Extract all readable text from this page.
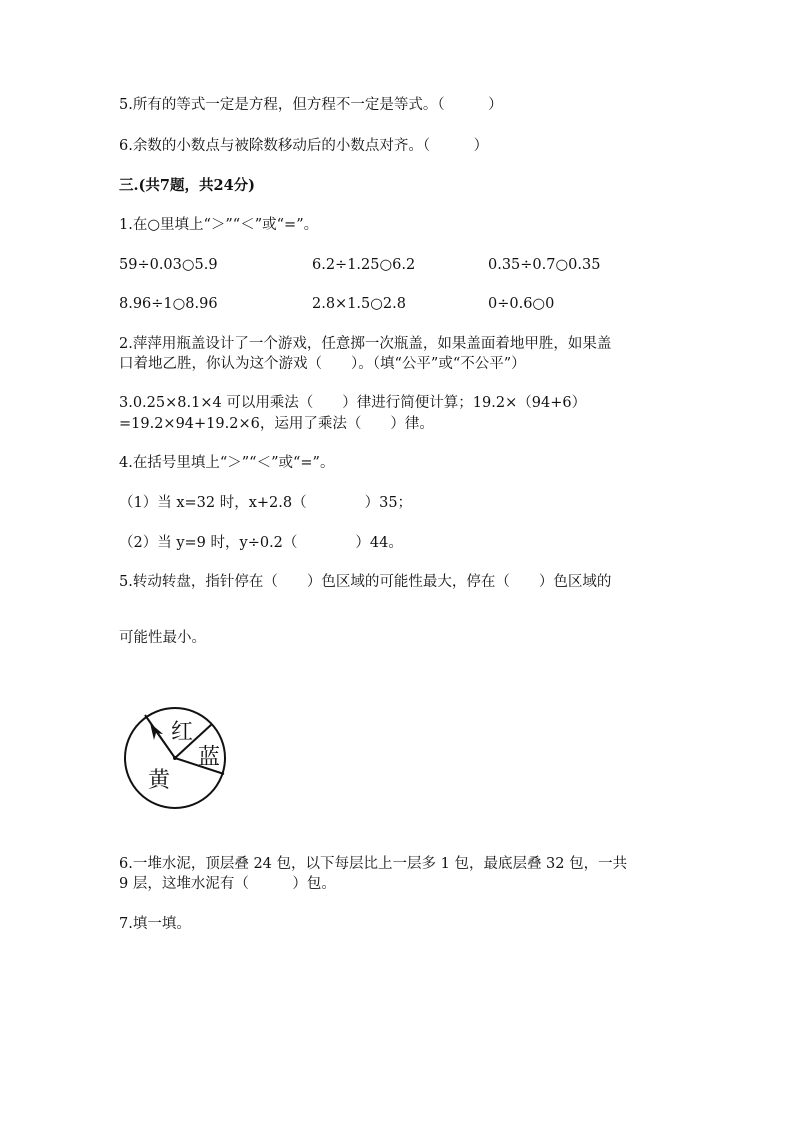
5.所有的等式一定是方程，但方程不一定是等式。（　　　）
6.余数的小数点与被除数移动后的小数点对齐。（　　　）
三.(共7题，共24分)
1.在○里填上“＞”“＜”或“=”。
59÷0.03○5.9	6.2÷1.25○6.2	0.35÷0.7○0.35
8.96÷1○8.96	2.8×1.5○2.8	0÷0.6○0
2.萍萍用瓶盖设计了一个游戏，任意掷一次瓶盖，如果盖面着地甲胜，如果盖
口着地乙胜，你认为这个游戏（　　）。（填“公平”或“不公平”）
3.0.25×8.1×4 可以用乘法（　　）律进行简便计算；19.2×（94+6）
=19.2×94+19.2×6，运用了乘法（　　）律。
4.在括号里填上“＞”“＜”或“=”。
（1）当 x=32 时，x+2.8（　　　　）35；
（2）当 y=9 时，y÷0.2（　　　　）44。
5.转动转盘，指针停在（　　）色区域的可能性最大，停在（　　）色区域的
可能性最小。
红
蓝
黄
6.一堆水泥，顶层叠 24 包，以下每层比上一层多 1 包，最底层叠 32 包，一共
9 层，这堆水泥有（　　　）包。
7.填一填。
